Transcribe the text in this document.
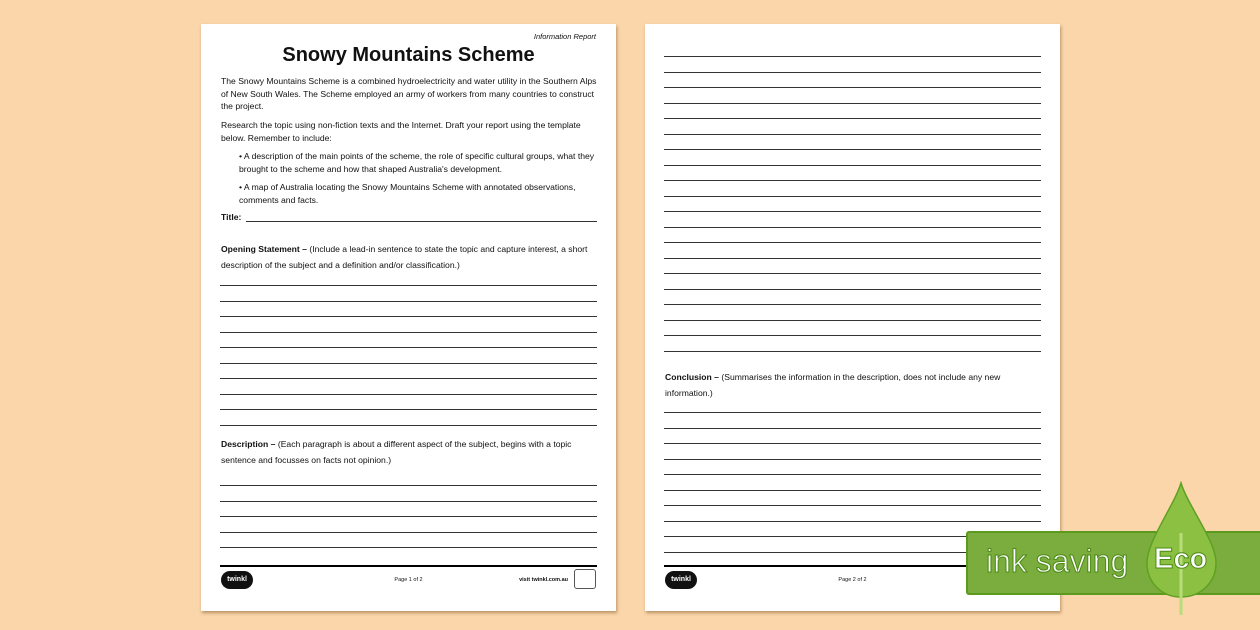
Information Report
Snowy Mountains Scheme
The Snowy Mountains Scheme is a combined hydroelectricity and water utility in the Southern Alps of New South Wales. The Scheme employed an army of workers from many countries to construct the project.
Research the topic using non-fiction texts and the Internet. Draft your report using the template below. Remember to include:
• A description of the main points of the scheme, the role of specific cultural groups, what they brought to the scheme and how that shaped Australia's development.
• A map of Australia locating the Snowy Mountains Scheme with annotated observations, comments and facts.
Title:
Opening Statement – (Include a lead-in sentence to state the topic and capture interest, a short description of the subject and a definition and/or classification.)
Description – (Each paragraph is about a different aspect of the subject, begins with a topic sentence and focusses on facts not opinion.)
twinkl	Page 1 of 2	visit twinkl.com.au
Conclusion – (Summarises the information in the description, does not include any new information.)
twinkl	Page 2 of 2
ink saving Eco
